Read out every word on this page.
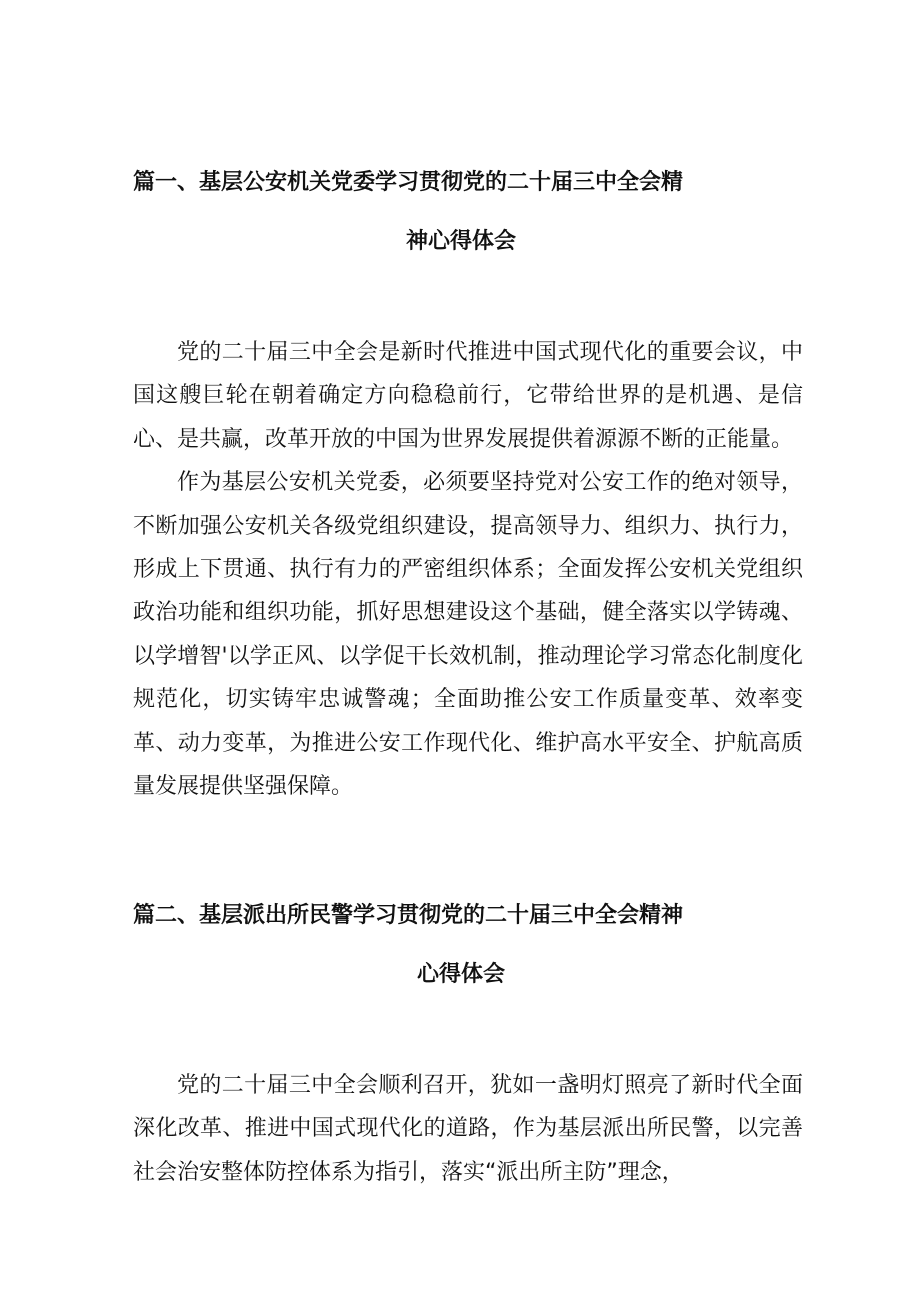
篇一、基层公安机关党委学习贯彻党的二十届三中全会精
神心得体会

党的二十届三中全会是新时代推进中国式现代化的重要会议，中国这艘巨轮在朝着确定方向稳稳前行，它带给世界的是机遇、是信心、是共赢，改革开放的中国为世界发展提供着源源不断的正能量。

作为基层公安机关党委，必须要坚持党对公安工作的绝对领导，不断加强公安机关各级党组织建设，提高领导力、组织力、执行力，形成上下贯通、执行有力的严密组织体系；全面发挥公安机关党组织政治功能和组织功能，抓好思想建设这个基础，健全落实以学铸魂、以学增智'以学正风、以学促干长效机制，推动理论学习常态化制度化规范化，切实铸牢忠诚警魂；全面助推公安工作质量变革、效率变革、动力变革，为推进公安工作现代化、维护高水平安全、护航高质量发展提供坚强保障。

篇二、基层派出所民警学习贯彻党的二十届三中全会精神
心得体会

党的二十届三中全会顺利召开，犹如一盏明灯照亮了新时代全面深化改革、推进中国式现代化的道路，作为基层派出所民警，以完善社会治安整体防控体系为指引，落实“派出所主防”理念，
